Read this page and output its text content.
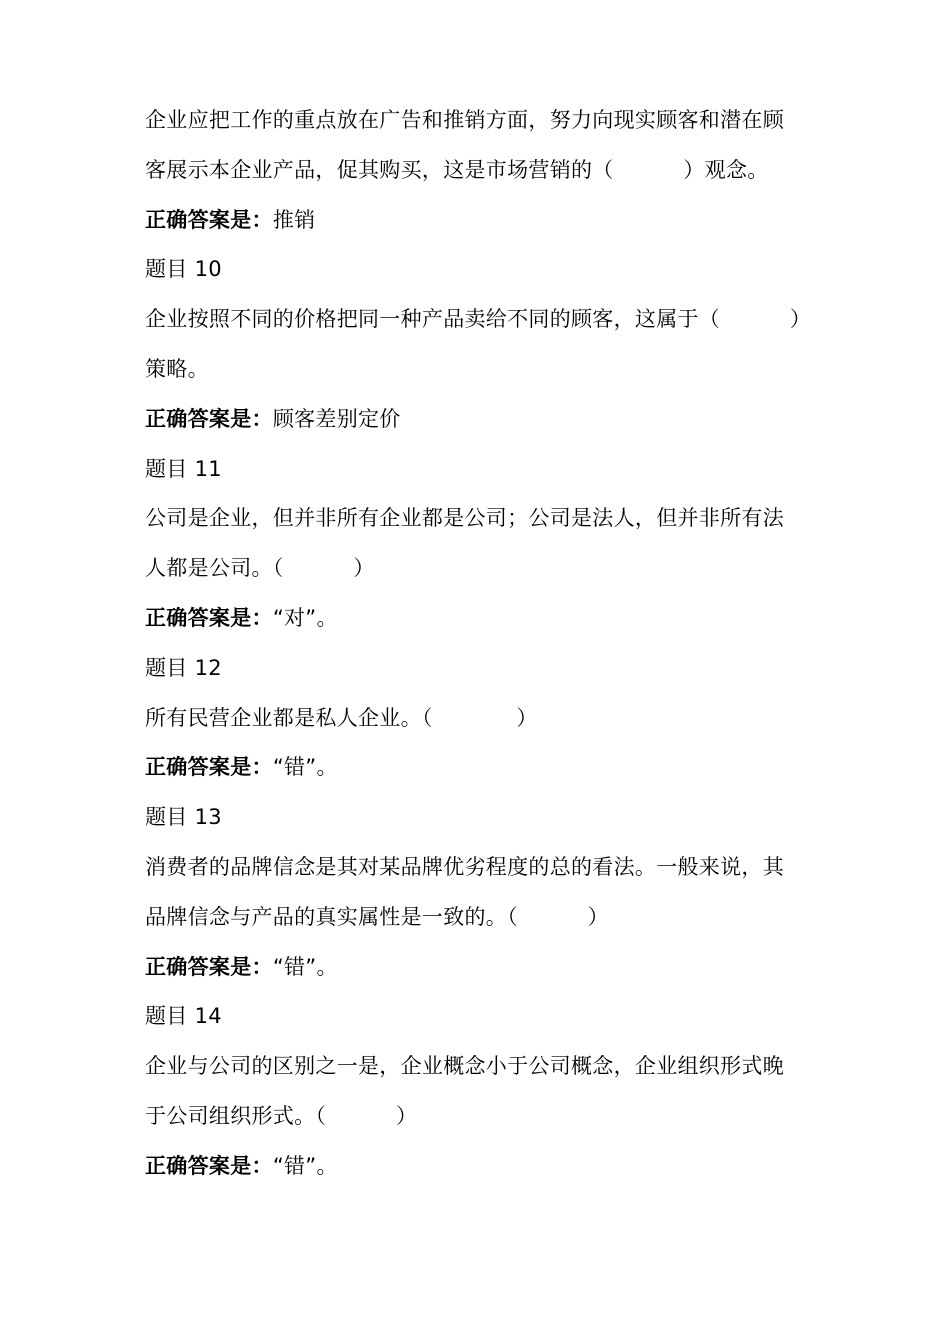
企业应把工作的重点放在广告和推销方面，努力向现实顾客和潜在顾
客展示本企业产品，促其购买，这是市场营销的（          ）观念。
正确答案是：推销
题目 10
企业按照不同的价格把同一种产品卖给不同的顾客，这属于（          ）
策略。
正确答案是：顾客差别定价
题目 11
公司是企业，但并非所有企业都是公司；公司是法人，但并非所有法
人都是公司。（          ）
正确答案是：“对”。
题目 12
所有民营企业都是私人企业。（            ）
正确答案是：“错”。
题目 13
消费者的品牌信念是其对某品牌优劣程度的总的看法。一般来说，其
品牌信念与产品的真实属性是一致的。（          ）
正确答案是：“错”。
题目 14
企业与公司的区别之一是，企业概念小于公司概念，企业组织形式晚
于公司组织形式。（          ）
正确答案是：“错”。
